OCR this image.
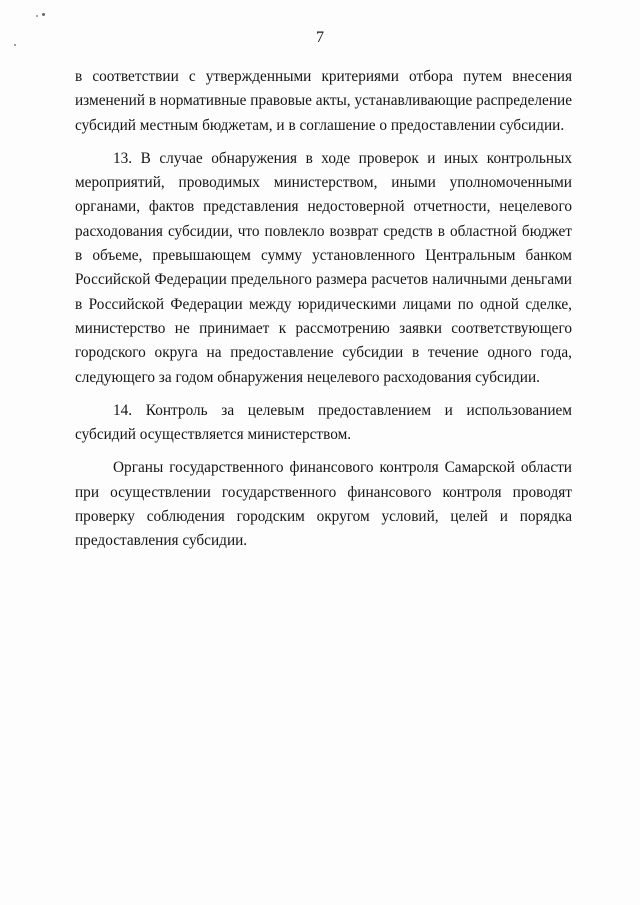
7

в соответствии с утвержденными критериями отбора путем внесения
изменений в нормативные правовые акты, устанавливающие распределение
субсидий местным бюджетам, и в соглашение о предоставлении субсидии.

13. В случае обнаружения в ходе проверок и иных контрольных
мероприятий, проводимых министерством, иными уполномоченными
органами, фактов представления недостоверной отчетности, нецелевого
расходования субсидии, что повлекло возврат средств в областной бюджет
в объеме, превышающем сумму установленного Центральным банком
Российской Федерации предельного размера расчетов наличными деньгами
в Российской Федерации между юридическими лицами по одной сделке,
министерство не принимает к рассмотрению заявки соответствующего
городского округа на предоставление субсидии в течение одного года,
следующего за годом обнаружения нецелевого расходования субсидии.

14. Контроль за целевым предоставлением и использованием
субсидий осуществляется министерством.

Органы государственного финансового контроля Самарской области
при осуществлении государственного финансового контроля проводят
проверку соблюдения городским округом условий, целей и порядка
предоставления субсидии.
